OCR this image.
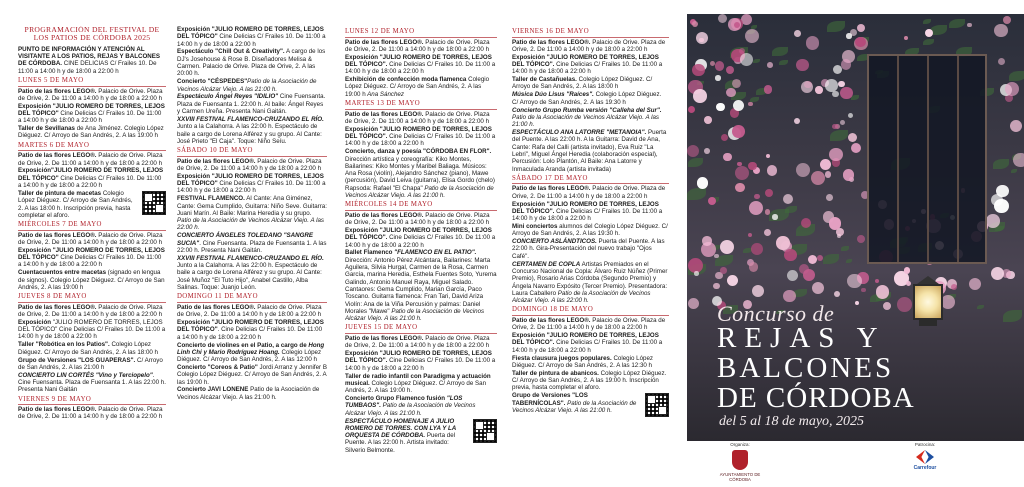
PROGRAMACIÓN DEL FESTIVAL DE LOS PATIOS DE CÓRDOBA 2025
PUNTO DE INFORMACIÓN Y ATENCIÓN AL VISITANTE A LOS PATIOS, REJAS Y BALCONES DE CÓRDOBA. CINE DELICIAS C/ Frailes 10. De 11:00 a 14:00 h y de 18:00 a 22:00 h
LUNES 5 DE MAYO
Patio de las flores LEGO®. Palacio de Orive. Plaza de Orive, 2. De 11:00 a 14:00 h y de 18:00 a 22:00 h
Exposición "JULIO ROMERO DE TORRES, LEJOS DEL TÓPICO" Cine Delicias C/ Frailes 10. De 11:00 a 14:00 h y de 18:00 a 22:00 h
Taller de Sevillanas de Ana Jiménez. Colegio López Diéguez. C/ Arroyo de San Andrés, 2. A las 19:00 h
MARTES 6 DE MAYO
Patio de las flores LEGO®. Palacio de Orive. Plaza de Orive, 2. De 11:00 a 14:00 h y de 18:00 a 22:00 h
Exposición"JULIO ROMERO DE TORRES, LEJOS DEL TÓPICO" Cine Delicias C/ Frailes 10. De 11:00 a 14:00 h y de 18:00 a 22:00 h
Taller de pintura de macetas Colegio López Diéguez. C/ Arroyo de San Andrés, 2. A las 18:00 h. Inscripción previa, hasta completar el aforo.
MIÉRCOLES 7 DE MAYO
Patio de las flores LEGO®. Palacio de Orive. Plaza de Orive, 2. De 11:00 a 14:00 h y de 18:00 a 22:00 h
Exposición "JULIO ROMERO DE TORRES, LEJOS DEL TÓPICO" Cine Delicias C/ Frailes 10. De 11:00 a 14:00 h y de 18:00 a 22:00 h
Cuentacuentos entre macetas (signado en lengua de signos). Colegio López Diéguez. C/ Arroyo de San Andrés, 2. A las 19:00 h
JUEVES 8 DE MAYO
Patio de las flores LEGO®. Palacio de Orive. Plaza de Orive, 2. De 11:00 a 14:00 h y de 18:00 a 22:00 h
Exposición "JULIO ROMERO DE TORRES, LEJOS DEL TÓPICO" Cine Delicias C/ Frailes 10. De 11:00 a 14:00 h y de 18:00 a 22:00 h
Taller "Robótica en los Patios". Colegio López Diéguez. C/ Arroyo de San Andrés, 2. A las 18:00 h
Grupo de Versiones "LOS GUAPERAS". C/ Arroyo de San Andrés, 2. A las 21:00 h
CONCIERTO LIN CORTÉS "Vino y Terciopelo". Cine Fuensanta. Plaza de Fuensanta 1. A las 22:00 h. Presenta Nani Gaitán
VIERNES 9 DE MAYO
Patio de las flores LEGO®. Palacio de Orive. Plaza de Orive, 2. De 11:00 a 14:00 h y de 18:00 a 22:00 h
Exposición "JULIO ROMERO DE TORRES, LEJOS DEL TÓPICO" Cine Delicias C/ Frailes 10. De 11:00 a 14:00 h y de 18:00 a 22:00 h
Espectáculo "Chill Out & Creativity". A cargo de los DJ's Josehouse & Rose B. Diseñadores Melisa & Carmen. Palacio de Orive. Plaza de Orive, 2. A las 20:00 h.
Concierto "CÉSPEDES"Patio de la Asociación de Vecinos Alcázar Viejo. A las 21:00 h.
Espectáculo Ángel Reyes "IDILIO" Cine Fuensanta. Plaza de Fuensanta 1. 22:00 h. Al baile: Ángel Reyes y Carmen Ureña. Presenta Nani Gaitán.
XXVIII FESTIVAL FLAMENCO-CRUZANDO EL RÍO. Junto a la Calahorra. A las 22:00 h. Espectáculo de baile a cargo de Lorena Alférez y su grupo. Al Cante: José Prieto "El Caja". Toque: Niño Seíu.
SÁBADO 10 DE MAYO
Patio de las flores LEGO®. Palacio de Orive. Plaza de Orive, 2. De 11:00 a 14:00 h y de 18:00 a 22:00 h
Exposición "JULIO ROMERO DE TORRES, LEJOS DEL TÓPICO" Cine Delicias C/ Frailes 10. De 11:00 a 14:00 h y de 18:00 a 22:00 h
FESTIVAL FLAMENCO. Al Cante: Ana Giménez, Cante: Gema Cumplido, Guitarra: Niño Seve. Guitarra: Juani Marín. Al Baile: Marina Heredia y su grupo. Patio de la Asociación de Vecinos Alcázar Viejo. A las 22:00 h.
CONCIERTO ÁNGELES TOLEDANO "SANGRE SUCIA". Cine Fuensanta. Plaza de Fuensanta 1. A las 22:00 h. Presenta Nani Gaitán.
XXVIII FESTIVAL FLAMENCO-CRUZANDO EL RÍO. Junto a la Calahorra. A las 22:00 h. Espectáculo de baile a cargo de Lorena Alférez y su grupo. Al Cante: José Muñoz "El Tuto Hijo", Anabel Castillo, Alba Salinas. Toque: Juanjo León.
DOMINGO 11 DE MAYO
Patio de las flores LEGO®. Palacio de Orive. Plaza de Orive, 2. De 11:00 a 14:00 h y de 18:00 a 22:00 h
Exposición "JULIO ROMERO DE TORRES, LEJOS DEL TÓPICO". Cine Delicias C/ Frailes 10. De 11:00 a 14:00 h y de 18:00 a 22:00 h
Concierto de violines en el Patio, a cargo de Hong Linh Chi y Mario Rodríguez Hoang. Colegio López Diéguez. C/ Arroyo de San Andrés, 2. A las 12:00 h
Concierto "Coreos & Patio" Jordi Arranz y Jennifer B Colegio López Diéguez. C/ Arroyo de San Andrés, 2. A las 19:00 h.
Concierto JAVI LONENE Patio de la Asociación de Vecinos Alcázar Viejo. A las 21:00 h.
LUNES 12 DE MAYO
Patio de las flores LEGO®. Palacio de Orive. Plaza de Orive, 2. De 11:00 a 14:00 h y de 18:00 a 22:00 h
Exposición "JULIO ROMERO DE TORRES, LEJOS DEL TÓPICO". Cine Delicias C/ Frailes 10. De 11:00 a 14:00 h y de 18:00 a 22:00 h
Exhibición de confección moda flamenca Colegio López Diéguez. C/ Arroyo de San Andrés, 2. A las 19:00 h Ana Sánchez
MARTES 13 DE MAYO
Patio de las flores LEGO®. Palacio de Orive. Plaza de Orive, 2. De 11:00 a 14:00 h y de 18:00 a 22:00 h
Exposición "JULIO ROMERO DE TORRES, LEJOS DEL TÓPICO". Cine Delicias C/ Frailes 10. De 11:00 a 14:00 h y de 18:00 a 22:00 h
Concierto, danza y poesía "CÓRDOBA EN FLOR". Dirección artística y coreografía: Kiko Montes, Bailarines: Kiko Montes y Maribel Baliaga. Músicos: Ana Rosa (violín), Alejandro Sánchez (piano), Mawe (percusión), David Leiva (guitarra), Elisa Gordo (chelo) Rapsoda: Rafael "El Chapa" Patio de la Asociación de Vecinos Alcázar Viejo. A las 21:00 h.
MIÉRCOLES 14 DE MAYO
Patio de las flores LEGO®. Palacio de Orive. Plaza de Orive, 2. De 11:00 a 14:00 h y de 18:00 a 22:00 h
Exposición "JULIO ROMERO DE TORRES, LEJOS DEL TÓPICO". Cine Delicias C/ Frailes 10. De 11:00 a 14:00 h y de 18:00 a 22:00 h
Ballet Flamenco "FLAMENCO EN EL PATIO". Dirección: Antonio Pérez Alcántara, Bailarines: Marta Aguilera, Silvia Hurgal, Carmen de la Rosa, Carmen García, marina Heredia, Esthela Fuentes Soto, Yurema Galindo, Antonio Manuel Raya, Miguel Salado. Cantaores: Gema Cumplido, Marian García, Paco Toscano. Guitarra flamenca: Fran Tari, David Ariza Violín: Ana de la Viña Percusión y palmas: Daniel Morales "Mawe" Patio de la Asociación de Vecinos Alcázar Viejo. A las 21:00 h.
JUEVES 15 DE MAYO
Patio de las flores LEGO®. Palacio de Orive. Plaza de Orive, 2. De 11:00 a 14:00 h y de 18:00 a 22:00 h
Exposición "JULIO ROMERO DE TORRES, LEJOS DEL TÓPICO". Cine Delicias C/ Frailes 10. De 11:00 a 14:00 h y de 18:00 a 22:00 h
Taller de radio infantil con Paradigma y actuación musical. Colegio López Diéguez. C/ Arroyo de San Andrés, 2. A las 19:00 h.
Concierto Grupo Flamenco fusión "LOS TUMBAOS". Patio de la Asociación de Vecinos Alcázar Viejo. A las 21:00 h.
ESPECTÁCULO HOMENAJE A JULIO ROMERO DE TORRES. CON LYA Y LA ORQUESTA DE CÓRDOBA. Puerta del Puente. A las 22:00 h. Artista invitado: Silverio Belmonte.
VIERNES 16 DE MAYO
Patio de las flores LEGO®. Palacio de Orive. Plaza de Orive, 2. De 11:00 a 14:00 h y de 18:00 a 22:00 h
Exposición "JULIO ROMERO DE TORRES, LEJOS DEL TÓPICO". Cine Delicias C/ Frailes 10. De 11:00 a 14:00 h y de 18:00 a 22:00 h
Taller de Castañuelas. Colegio López Diéguez. C/ Arroyo de San Andrés, 2. A las 18:00 h
Música Dúo Lisus "Raíces". Colegio López Diéguez. C/ Arroyo de San Andrés, 2. A las 19:30 h
Concierto Grupo Rumba versión "Calleha del Sur". Patio de la Asociación de Vecinos Alcázar Viejo. A las 21:00 h.
ESPECTÁCULO ANA LATORRE "METANOIA". Puerta del Puente. A las 22:00 h. A la Guitarra: David de Ana, Cante: Rafa del Calli (artista invitado), Eva Ruiz "La Lebri", Miguel Ángel Heredia (colaboración especial), Percusión: Lolo Plantón, Al Baile: Ana Latorre y Inmaculada Aranda (artista invitada)
SÁBADO 17 DE MAYO
Patio de las flores LEGO®. Palacio de Orive. Plaza de Orive, 2. De 11:00 a 14:00 h y de 18:00 a 22:00 h
Exposición "JULIO ROMERO DE TORRES, LEJOS DEL TÓPICO". Cine Delicias C/ Frailes 10. De 11:00 a 14:00 h y de 18:00 a 22:00 h
Mini conciertos alumnos del Colegio López Diéguez. C/ Arroyo de San Andrés, 2. A las 19:30 h.
CONCIERTO ASLÁNDTICOS. Puerta del Puente. A las 22:00 h. Gira-Presentación del nuevo trabajo "Ojos Café".
CERTAMEN DE COPLA Artistas Premiados en el Concurso Nacional de Copla: Álvaro Ruiz Núñez (Primer Premio), Rosario Arias Córdoba (Segundo Premio) y Ángela Navarro Expósito (Tercer Premio). Presentadora: Laura Caballero Patio de la Asociación de Vecinos Alcázar Viejo. A las 22:00 h.
DOMINGO 18 DE MAYO
Patio de las flores LEGO®. Palacio de Orive. Plaza de Orive, 2. De 11:00 a 14:00 h y de 18:00 a 22:00 h
Exposición "JULIO ROMERO DE TORRES, LEJOS DEL TÓPICO". Cine Delicias C/ Frailes 10. De 11:00 a 14:00 h y de 18:00 a 22:00 h
Fiesta clausura juegos populares. Colegio López Diéguez. C/ Arroyo de San Andrés, 2. A las 12:30 h
Taller de pintura de abanicos. Colegio López Diéguez. C/ Arroyo de San Andrés, 2. A las 19:00 h. Inscripción previa, hasta completar el aforo.
Grupo de Versiones "LOS TABERNÍCOLAS". Patio de la Asociación de Vecinos Alcázar Viejo. A las 21:00 h.
Concurso de
REJAS Y
BALCONES
DE CÓRDOBA
del 5 al 18 de mayo, 2025
Organiza:
AYUNTAMIENTO DE CÓRDOBA
Patrocina:
Carrefour
